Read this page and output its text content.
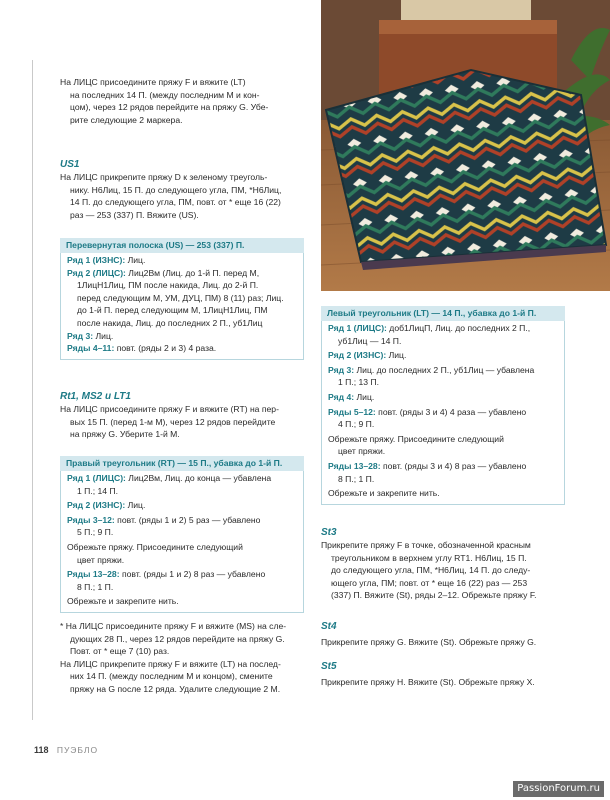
На ЛИЦС присоедините пряжу F и вяжите (LT)

на последних 14 П. (между последним М и кон-

цом), через 12 рядов перейдите на пряжу G. Убе-

рите следующие 2 маркера.

US1

На ЛИЦС прикрепите пряжу D к зеленому треуголь-

нику. Н6Лиц, 15 П. до следующего угла, ПМ, *Н6Лиц,

14 П. до следующего угла, ПМ, повт. от * еще 16 (22)

раз — 253 (337) П. Вяжите (US).

Перевернутая полоска (US) — 253 (337) П.

Ряд 1 (ИЗНС): Лиц.

Ряд 2 (ЛИЦС): Лиц2Вм (Лиц. до 1-й П. перед М,

1ЛицН1Лиц, ПМ после накида, Лиц. до 2-й П.

перед следующим М, УМ, ДУЦ, ПМ) 8 (11) раз; Лиц.

до 1-й П. перед следующим М, 1ЛицН1Лиц, ПМ

после накида, Лиц. до последних 2 П., уб1Лиц

Ряд 3: Лиц.

Ряды 4–11: повт. (ряды 2 и 3) 4 раза.

Rt1, MS2 и LT1

На ЛИЦС присоедините пряжу F и вяжите (RT) на пер-

вых 15 П. (перед 1-м М), через 12 рядов перейдите

на пряжу G. Уберите 1-й М.

Правый треугольник (RT) — 15 П., убавка до 1-й П.

Ряд 1 (ЛИЦС): Лиц2Вм, Лиц. до конца — убавлена

1 П.; 14 П.

Ряд 2 (ИЗНС): Лиц.

Ряды 3–12: повт. (ряды 1 и 2) 5 раз — убавлено

5 П.; 9 П.

Обрежьте пряжу. Присоедините следующий

цвет пряжи.

Ряды 13–28: повт. (ряды 1 и 2) 8 раз — убавлено

8 П.; 1 П.

Обрежьте и закрепите нить.

* На ЛИЦС присоедините пряжу F и вяжите (MS) на сле-

дующих 28 П., через 12 рядов перейдите на пряжу G.

Повт. от * еще 7 (10) раз.

На ЛИЦС прикрепите пряжу F и вяжите (LT) на послед-

них 14 П. (между последним М и концом), смените

пряжу на G после 12 ряда. Удалите следующие 2 М.

Левый треугольник (LT) — 14 П., убавка до 1-й П.

Ряд 1 (ЛИЦС): доб1ЛицП, Лиц. до последних 2 П.,

уб1Лиц — 14 П.

Ряд 2 (ИЗНС): Лиц.

Ряд 3: Лиц. до последних 2 П., уб1Лиц — убавлена

1 П.; 13 П.

Ряд 4: Лиц.

Ряды 5–12: повт. (ряды 3 и 4) 4 раза — убавлено

4 П.; 9 П.

Обрежьте пряжу. Присоедините следующий

цвет пряжи.

Ряды 13–28: повт. (ряды 3 и 4) 8 раз — убавлено

8 П.; 1 П.

Обрежьте и закрепите нить.

St3

Прикрепите пряжу F в точке, обозначенной красным

треугольником в верхнем углу RT1. Н6Лиц, 15 П.

до следующего угла, ПМ, *Н6Лиц, 14 П. до следу-

ющего угла, ПМ; повт. от * еще 16 (22) раз — 253

(337) П. Вяжите (St), ряды 2–12. Обрежьте пряжу F.

St4

Прикрепите пряжу G. Вяжите (St). Обрежьте пряжу G.

St5

Прикрепите пряжу H. Вяжите (St). Обрежьте пряжу X.

118 ПУЭБЛО
PassionForum.ru
